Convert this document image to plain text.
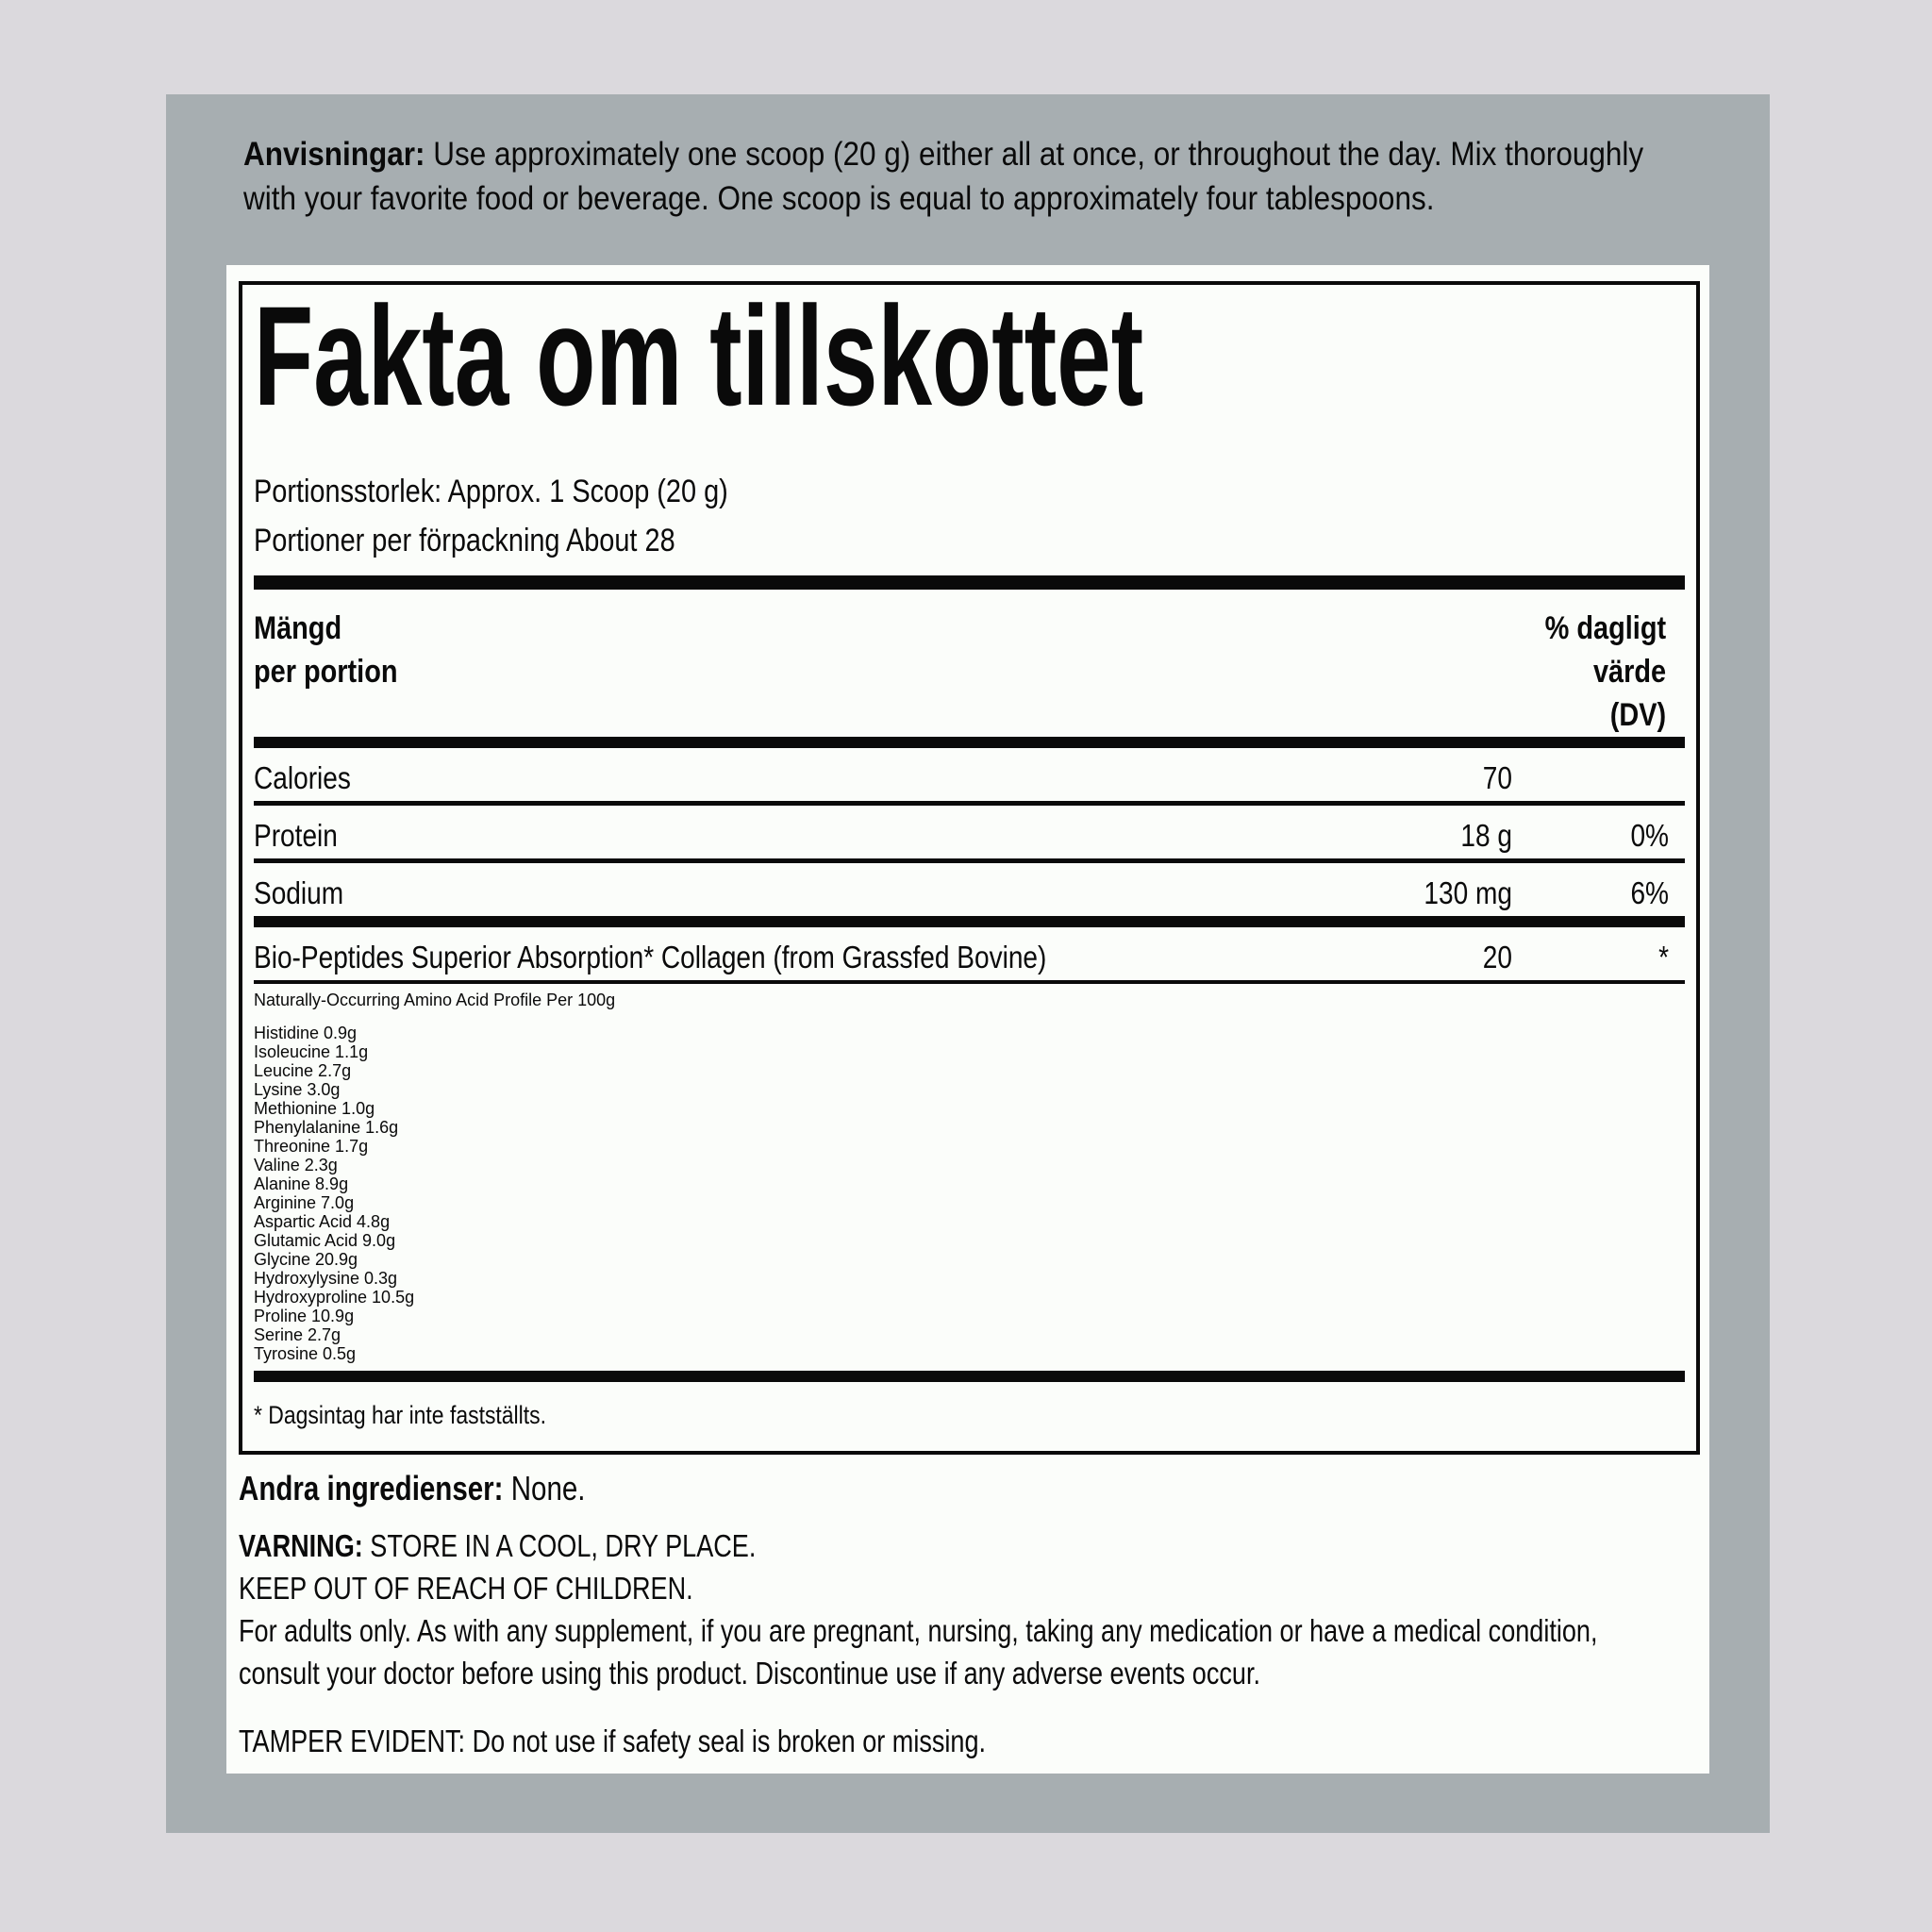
Anvisningar: Use approximately one scoop (20 g) either all at once, or throughout the day. Mix thoroughly
with your favorite food or beverage. One scoop is equal to approximately four tablespoons.
Fakta om tillskottet
Portionsstorlek: Approx. 1 Scoop (20 g)
Portioner per förpackning About 28
Mängd
per portion
% dagligt
värde
(DV)
Calories	70
Protein	18 g	0%
Sodium	130 mg	6%
Bio-Peptides Superior Absorption* Collagen (from Grassfed Bovine)	20	*
Naturally-Occurring Amino Acid Profile Per 100g
Histidine 0.9g
Isoleucine 1.1g
Leucine 2.7g
Lysine 3.0g
Methionine 1.0g
Phenylalanine 1.6g
Threonine 1.7g
Valine 2.3g
Alanine 8.9g
Arginine 7.0g
Aspartic Acid 4.8g
Glutamic Acid 9.0g
Glycine 20.9g
Hydroxylysine 0.3g
Hydroxyproline 10.5g
Proline 10.9g
Serine 2.7g
Tyrosine 0.5g
* Dagsintag har inte fastställts.
Andra ingredienser: None.
VARNING: STORE IN A COOL, DRY PLACE.
KEEP OUT OF REACH OF CHILDREN.
For adults only. As with any supplement, if you are pregnant, nursing, taking any medication or have a medical condition,
consult your doctor before using this product. Discontinue use if any adverse events occur.
TAMPER EVIDENT: Do not use if safety seal is broken or missing.
